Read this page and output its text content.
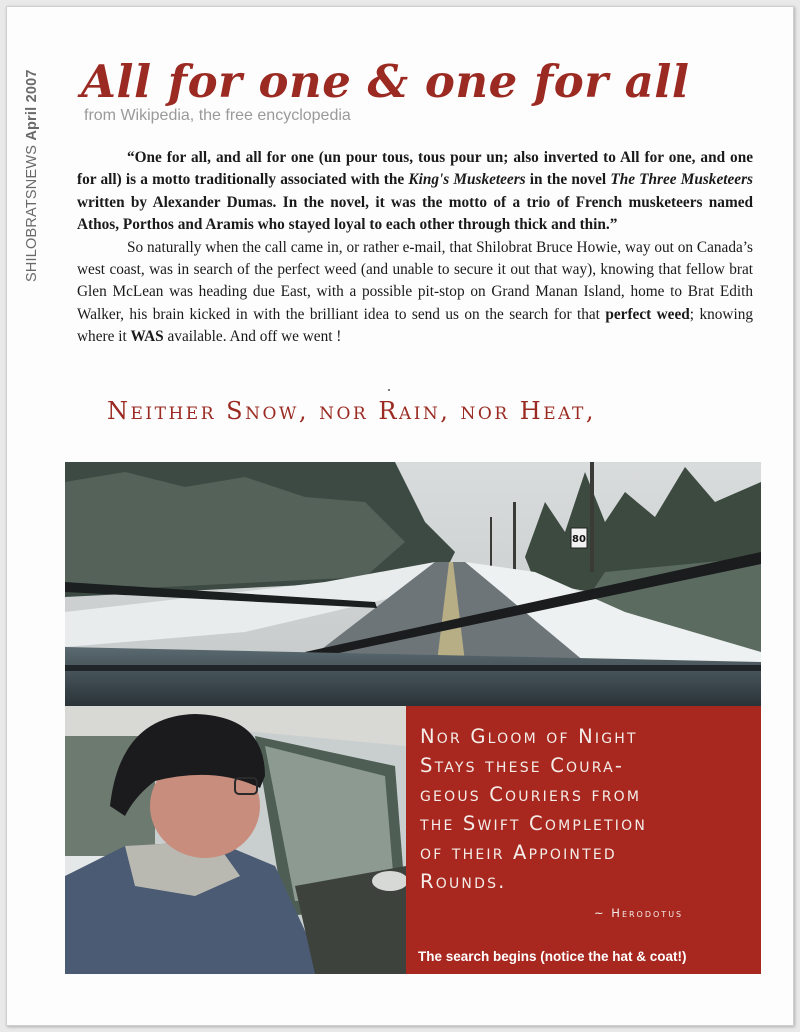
SHILOBRATSNEWS April 2007 All for one & one for all
from Wikipedia, the free encyclopedia

“One for all, and all for one (un pour tous, tous pour un; also inverted to All for one, and one for all) is a motto traditionally associated with the King's Musketeers in the novel The Three Musketeers written by Alexander Dumas. In the novel, it was the motto of a trio of French musketeers named Athos, Porthos and Aramis who stayed loyal to each other through thick and thin.”

So naturally when the call came in, or rather e-mail, that Shilobrat Bruce Howie, way out on Canada’s west coast, was in search of the perfect weed (and unable to secure it out that way), knowing that fellow brat Glen McLean was heading due East, with a possible pit-stop on Grand Manan Island, home to Brat Edith Walker, his brain kicked in with the brilliant idea to send us on the search for that perfect weed; knowing where it WAS available. And off we went !

Neither Snow, nor Rain, nor Heat,
80
Nor Gloom of Night
Stays these Coura-
geous Couriers from
the Swift Completion
of their Appointed
Rounds.
~ Herodotus
The search begins (notice the hat & coat!)
